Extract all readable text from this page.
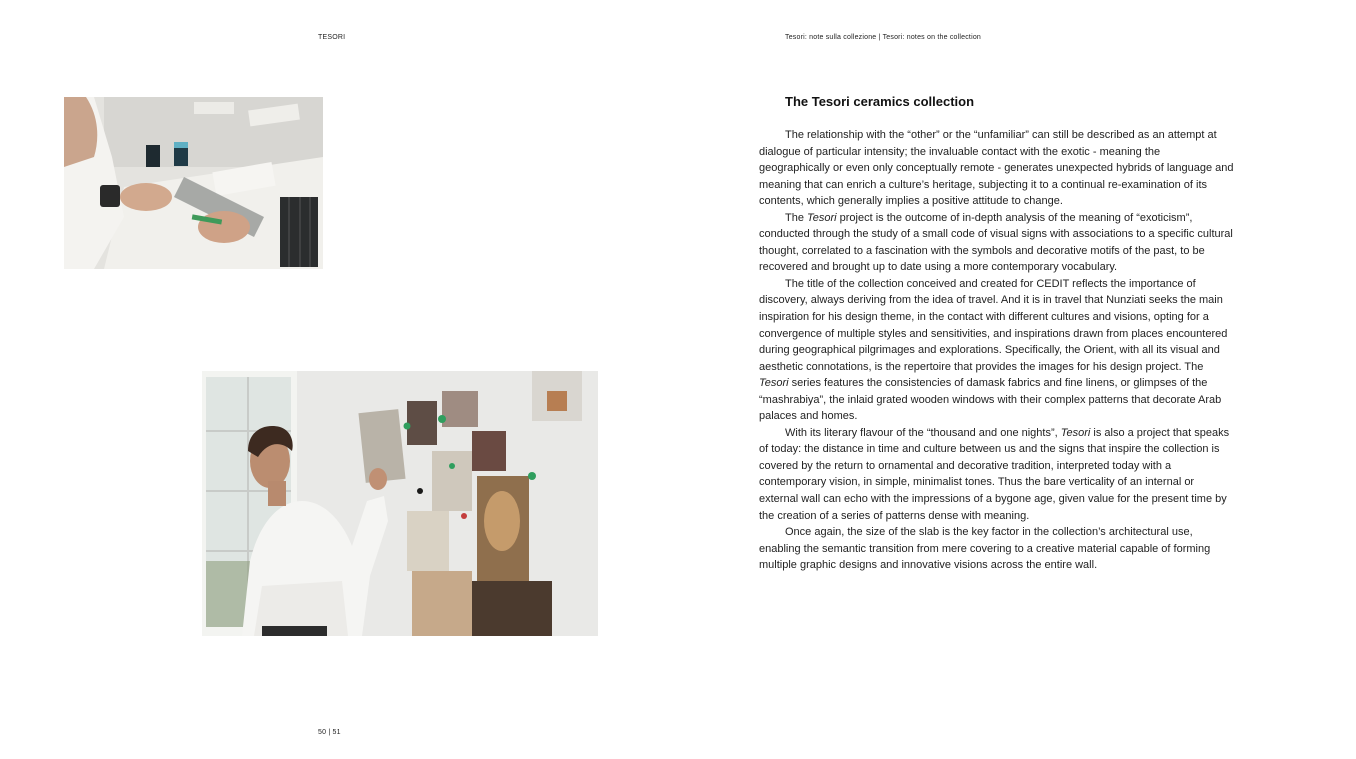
TESORI	Tesori: note sulla collezione | Tesori: notes on the collection
The Tesori ceramics collection

The relationship with the “other” or the “unfamiliar” can still be described as an attempt at dialogue of particular intensity; the invaluable contact with the exotic - meaning the geographically or even only conceptually remote - generates unexpected hybrids of language and meaning that can enrich a culture’s heritage, subjecting it to a continual re-examination of its contents, which generally implies a positive attitude to change.

The Tesori project is the outcome of in-depth analysis of the meaning of “exoticism”, conducted through the study of a small code of visual signs with associations to a specific cultural thought, correlated to a fascination with the symbols and decorative motifs of the past, to be recovered and brought up to date using a more contemporary vocabulary.

The title of the collection conceived and created for CEDIT reflects the importance of discovery, always deriving from the idea of travel. And it is in travel that Nunziati seeks the main inspiration for his design theme, in the contact with different cultures and visions, opting for a convergence of multiple styles and sensitivities, and inspirations drawn from places encountered during geographical pilgrimages and explorations. Specifically, the Orient, with all its visual and aesthetic connotations, is the repertoire that provides the images for his design project. The Tesori series features the consistencies of damask fabrics and fine linens, or glimpses of the “mashrabiya”, the inlaid grated wooden windows with their complex patterns that decorate Arab palaces and homes.

With its literary flavour of the “thousand and one nights”, Tesori is also a project that speaks of today: the distance in time and culture between us and the signs that inspire the collection is covered by the return to ornamental and decorative tradition, interpreted today with a contemporary vision, in simple, minimalist tones. Thus the bare verticality of an internal or external wall can echo with the impressions of a bygone age, given value for the present time by the creation of a series of patterns dense with meaning.

Once again, the size of the slab is the key factor in the collection’s architectural use, enabling the semantic transition from mere covering to a creative material capable of forming multiple graphic designs and innovative visions across the entire wall.

50 | 51
